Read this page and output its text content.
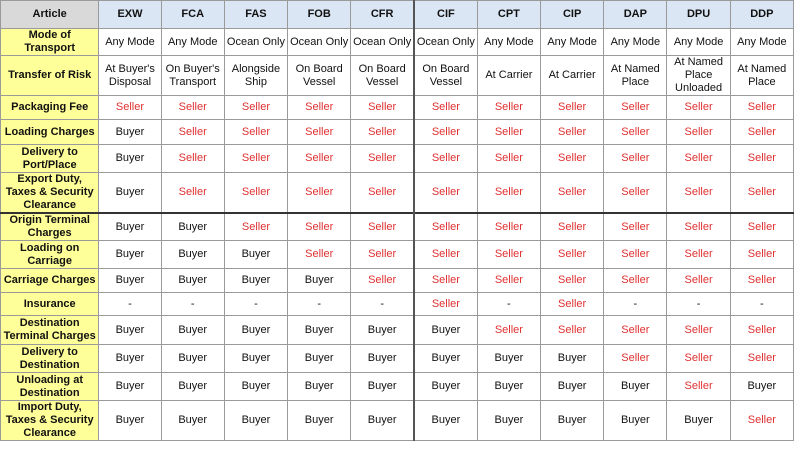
Article	EXW	FCA	FAS	FOB	CFR	CIF	CPT	CIP	DAP	DPU	DDP
Mode of Transport	Any Mode	Any Mode	Ocean Only	Ocean Only	Ocean Only	Ocean Only	Any Mode	Any Mode	Any Mode	Any Mode	Any Mode
Transfer of Risk	At Buyer's Disposal	On Buyer's Transport	Alongside Ship	On Board Vessel	On Board Vessel	On Board Vessel	At Carrier	At Carrier	At Named Place	At Named Place Unloaded	At Named Place
Packaging Fee	Seller	Seller	Seller	Seller	Seller	Seller	Seller	Seller	Seller	Seller	Seller
Loading Charges	Buyer	Seller	Seller	Seller	Seller	Seller	Seller	Seller	Seller	Seller	Seller
Delivery to Port/Place	Buyer	Seller	Seller	Seller	Seller	Seller	Seller	Seller	Seller	Seller	Seller
Export Duty, Taxes & Security Clearance	Buyer	Seller	Seller	Seller	Seller	Seller	Seller	Seller	Seller	Seller	Seller
Origin Terminal Charges	Buyer	Buyer	Seller	Seller	Seller	Seller	Seller	Seller	Seller	Seller	Seller
Loading on Carriage	Buyer	Buyer	Buyer	Seller	Seller	Seller	Seller	Seller	Seller	Seller	Seller
Carriage Charges	Buyer	Buyer	Buyer	Buyer	Seller	Seller	Seller	Seller	Seller	Seller	Seller
Insurance	-	-	-	-	-	Seller	-	Seller	-	-	-
Destination Terminal Charges	Buyer	Buyer	Buyer	Buyer	Buyer	Buyer	Seller	Seller	Seller	Seller	Seller
Delivery to Destination	Buyer	Buyer	Buyer	Buyer	Buyer	Buyer	Buyer	Buyer	Seller	Seller	Seller
Unloading at Destination	Buyer	Buyer	Buyer	Buyer	Buyer	Buyer	Buyer	Buyer	Buyer	Seller	Buyer
Import Duty, Taxes & Security Clearance	Buyer	Buyer	Buyer	Buyer	Buyer	Buyer	Buyer	Buyer	Buyer	Buyer	Seller
